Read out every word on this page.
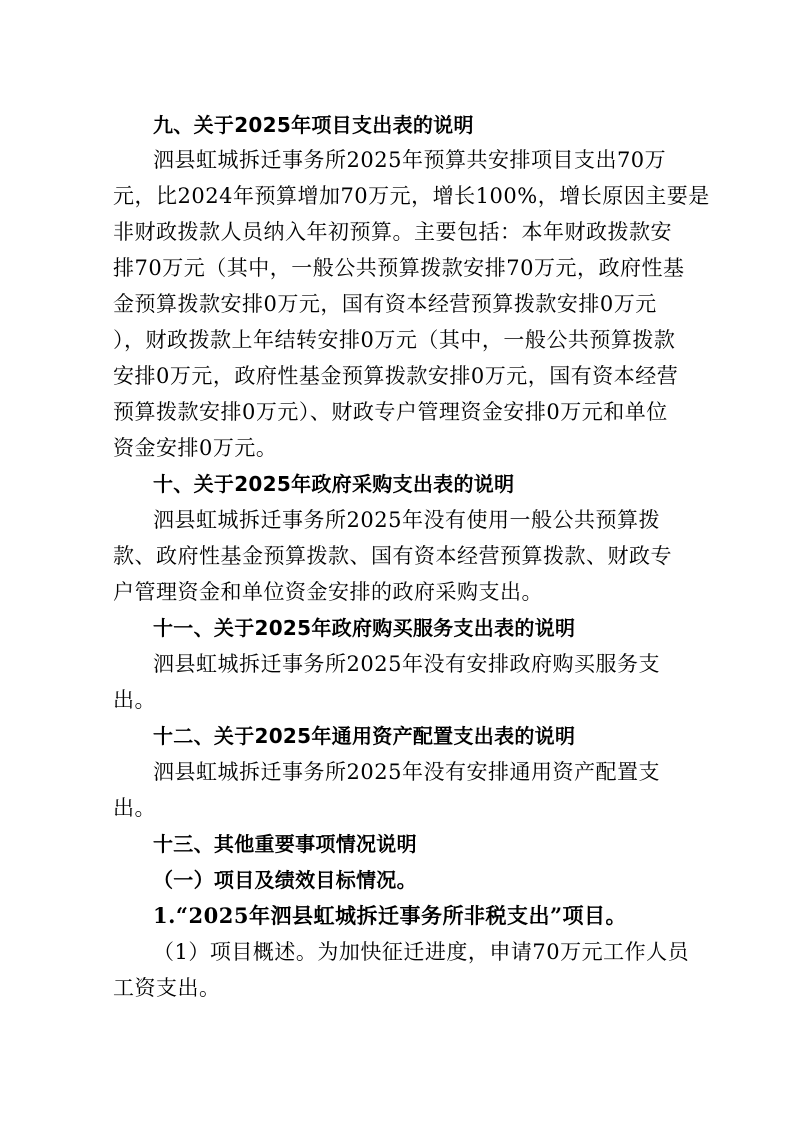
九、关于2025年项目支出表的说明
泗县虹城拆迁事务所2025年预算共安排项目支出70万
元，比2024年预算增加70万元，增长100%，增长原因主要是
非财政拨款人员纳入年初预算。主要包括：本年财政拨款安
排70万元（其中，一般公共预算拨款安排70万元，政府性基
金预算拨款安排0万元，国有资本经营预算拨款安排0万元
），财政拨款上年结转安排0万元（其中，一般公共预算拨款
安排0万元，政府性基金预算拨款安排0万元，国有资本经营
预算拨款安排0万元）、财政专户管理资金安排0万元和单位
资金安排0万元。
十、关于2025年政府采购支出表的说明
泗县虹城拆迁事务所2025年没有使用一般公共预算拨
款、政府性基金预算拨款、国有资本经营预算拨款、财政专
户管理资金和单位资金安排的政府采购支出。
十一、关于2025年政府购买服务支出表的说明
泗县虹城拆迁事务所2025年没有安排政府购买服务支
出。
十二、关于2025年通用资产配置支出表的说明
泗县虹城拆迁事务所2025年没有安排通用资产配置支
出。
十三、其他重要事项情况说明
（一）项目及绩效目标情况。
1.“2025年泗县虹城拆迁事务所非税支出”项目。
（1）项目概述。为加快征迁进度，申请70万元工作人员
工资支出。
